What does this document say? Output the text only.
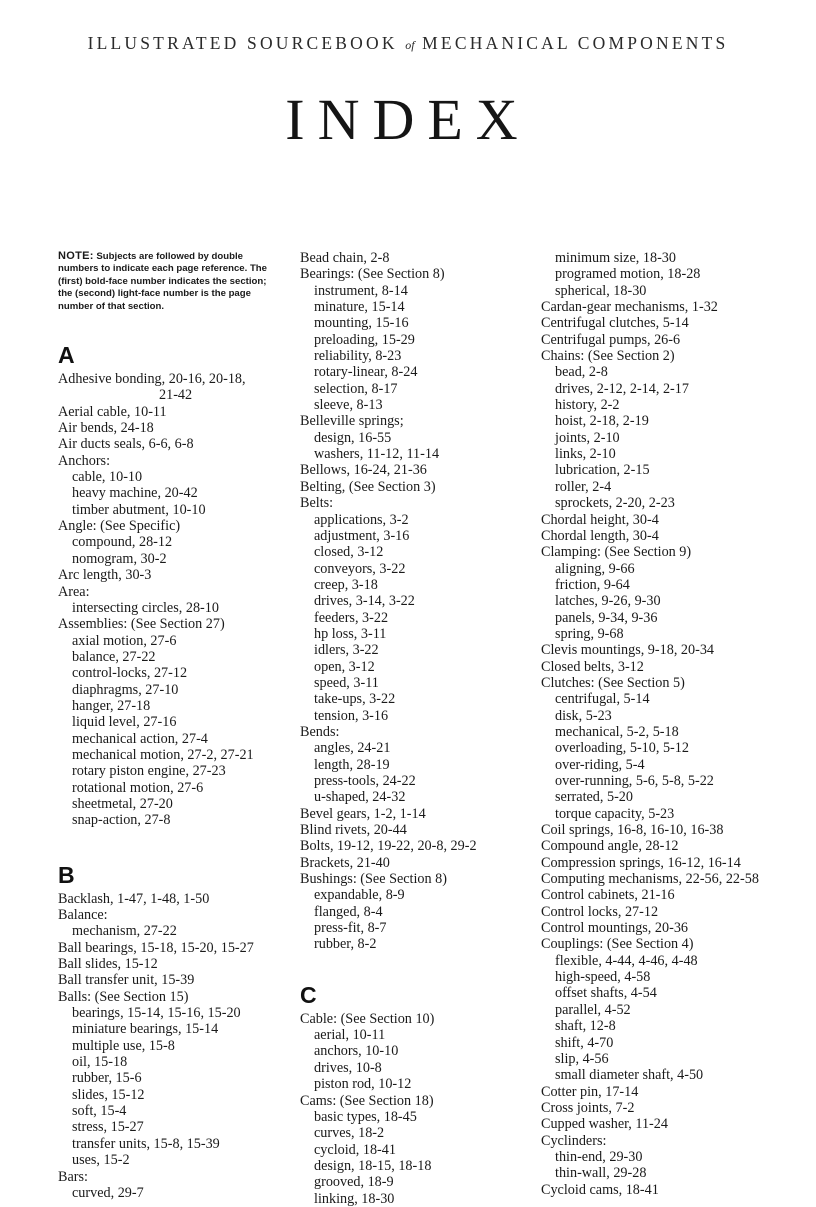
ILLUSTRATED SOURCEBOOK of MECHANICAL COMPONENTS
INDEX
NOTE: Subjects are followed by double numbers to indicate each page reference. The (first) bold-face number indicates the section; the (second) light-face number is the page number of that section.
A
Adhesive bonding, 20-16, 20-18,
21-42
Aerial cable, 10-11
Air bends, 24-18
Air ducts seals, 6-6, 6-8
Anchors:
cable, 10-10
heavy machine, 20-42
timber abutment, 10-10
Angle: (See Specific)
compound, 28-12
nomogram, 30-2
Arc length, 30-3
Area:
intersecting circles, 28-10
Assemblies: (See Section 27)
axial motion, 27-6
balance, 27-22
control-locks, 27-12
diaphragms, 27-10
hanger, 27-18
liquid level, 27-16
mechanical action, 27-4
mechanical motion, 27-2, 27-21
rotary piston engine, 27-23
rotational motion, 27-6
sheetmetal, 27-20
snap-action, 27-8
B
Backlash, 1-47, 1-48, 1-50
Balance:
mechanism, 27-22
Ball bearings, 15-18, 15-20, 15-27
Ball slides, 15-12
Ball transfer unit, 15-39
Balls: (See Section 15)
bearings, 15-14, 15-16, 15-20
miniature bearings, 15-14
multiple use, 15-8
oil, 15-18
rubber, 15-6
slides, 15-12
soft, 15-4
stress, 15-27
transfer units, 15-8, 15-39
uses, 15-2
Bars:
curved, 29-7
Bead chain, 2-8
Bearings: (See Section 8)
instrument, 8-14
minature, 15-14
mounting, 15-16
preloading, 15-29
reliability, 8-23
rotary-linear, 8-24
selection, 8-17
sleeve, 8-13
Belleville springs;
design, 16-55
washers, 11-12, 11-14
Bellows, 16-24, 21-36
Belting, (See Section 3)
Belts:
applications, 3-2
adjustment, 3-16
closed, 3-12
conveyors, 3-22
creep, 3-18
drives, 3-14, 3-22
feeders, 3-22
hp loss, 3-11
idlers, 3-22
open, 3-12
speed, 3-11
take-ups, 3-22
tension, 3-16
Bends:
angles, 24-21
length, 28-19
press-tools, 24-22
u-shaped, 24-32
Bevel gears, 1-2, 1-14
Blind rivets, 20-44
Bolts, 19-12, 19-22, 20-8, 29-2
Brackets, 21-40
Bushings: (See Section 8)
expandable, 8-9
flanged, 8-4
press-fit, 8-7
rubber, 8-2
C
Cable: (See Section 10)
aerial, 10-11
anchors, 10-10
drives, 10-8
piston rod, 10-12
Cams: (See Section 18)
basic types, 18-45
curves, 18-2
cycloid, 18-41
design, 18-15, 18-18
grooved, 18-9
linking, 18-30
minimum size, 18-30
programed motion, 18-28
spherical, 18-30
Cardan-gear mechanisms, 1-32
Centrifugal clutches, 5-14
Centrifugal pumps, 26-6
Chains: (See Section 2)
bead, 2-8
drives, 2-12, 2-14, 2-17
history, 2-2
hoist, 2-18, 2-19
joints, 2-10
links, 2-10
lubrication, 2-15
roller, 2-4
sprockets, 2-20, 2-23
Chordal height, 30-4
Chordal length, 30-4
Clamping: (See Section 9)
aligning, 9-66
friction, 9-64
latches, 9-26, 9-30
panels, 9-34, 9-36
spring, 9-68
Clevis mountings, 9-18, 20-34
Closed belts, 3-12
Clutches: (See Section 5)
centrifugal, 5-14
disk, 5-23
mechanical, 5-2, 5-18
overloading, 5-10, 5-12
over-riding, 5-4
over-running, 5-6, 5-8, 5-22
serrated, 5-20
torque capacity, 5-23
Coil springs, 16-8, 16-10, 16-38
Compound angle, 28-12
Compression springs, 16-12, 16-14
Computing mechanisms, 22-56, 22-58
Control cabinets, 21-16
Control locks, 27-12
Control mountings, 20-36
Couplings: (See Section 4)
flexible, 4-44, 4-46, 4-48
high-speed, 4-58
offset shafts, 4-54
parallel, 4-52
shaft, 12-8
shift, 4-70
slip, 4-56
small diameter shaft, 4-50
Cotter pin, 17-14
Cross joints, 7-2
Cupped washer, 11-24
Cyclinders:
thin-end, 29-30
thin-wall, 29-28
Cycloid cams, 18-41
